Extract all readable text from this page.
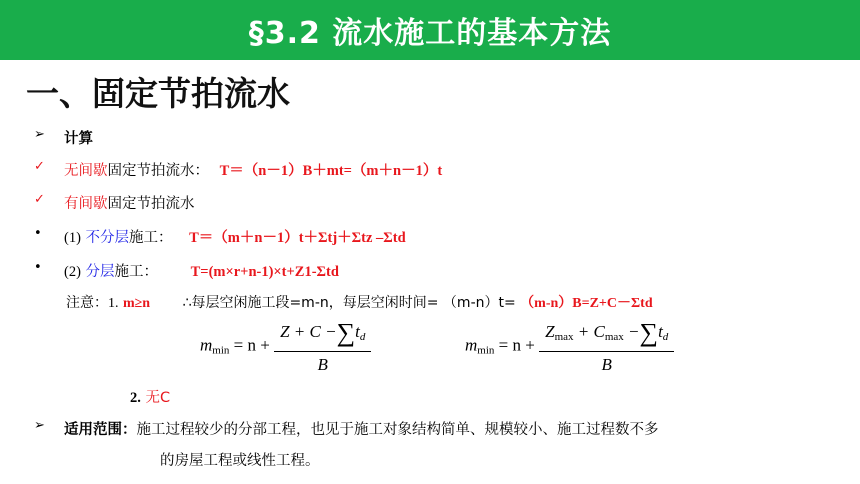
§3.2 流水施工的基本方法
一、固定节拍流水
➢	计算
✓	无间歇固定节拍流水： T＝（n－1）B＋mt=（m＋n－1）t
✓	有间歇固定节拍流水
•	(1) 不分层施工： T＝（m＋n－1）t＋Σtj＋Σtz –Σtd
•	(2) 分层施工： T=(m×r+n-1)×t+Z1-Σtd
注意：1. m≥n ∴每层空闲施工段=m-n，每层空闲时间= （m-n）t= （m-n）B=Z+C－Σtd
$m_{min} = n + \frac{Z + C -\sum t_d}{B}$	$m_{min} = n + \frac{Z_{max} + C_{max} -\sum t_d}{B}$
2. 无C
➢	适用范围：施工过程较少的分部工程，也见于施工对象结构简单、规模较小、施工过程数不多
的房屋工程或线性工程。
